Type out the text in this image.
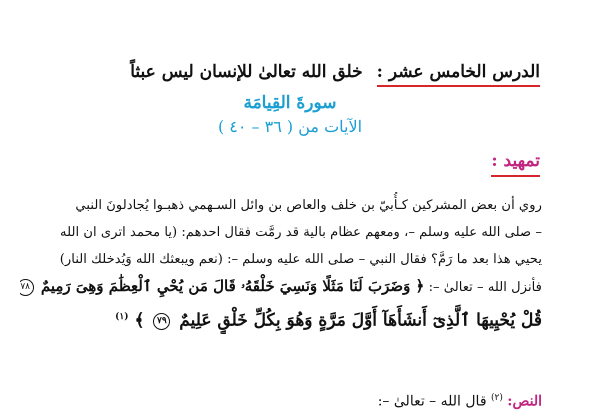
الدرس الخامس عشر :
خلق الله تعالىٰ للإنسان ليس عبثاً
سورةَ القِيامَة
الآيات من ( ٣٦ – ٤٠ )
تمهيد :
روي أن بعض المشركين كـأُبيّ بن خلف والعاص بن وائل السـهمي ذهبـوا يُجادلونَ النبي
– صلى الله عليه وسلم –، ومعهم عظام بالية قد رمَّت فقال احدهم: (يا محمد اترى ان الله
يحيي هذا بعد ما رَمَّ؟ فقال النبي – صلى الله عليه وسلم –: (نعم ويبعثك الله وَيُدخلك النار)
فأنزل الله – تعالىٰ –: ﴿ وَضَرَبَ لَنَا مَثَلًا وَنَسِيَ خَلْقَهُۥ قَالَ مَن يُحْيِ ٱلْعِظَٰمَ وَهِىَ رَمِيمٌ ٧٨
قُلْ يُحْيِيهَا ٱلَّذِىٓ أَنشَأَهَآ أَوَّلَ مَرَّةٍ وَهُوَ بِكُلِّ خَلْقٍ عَلِيمٌ ٧٩ ﴾ $^{(١)}$
النص: $^{(٢)}$ قال الله – تعالىٰ –:
